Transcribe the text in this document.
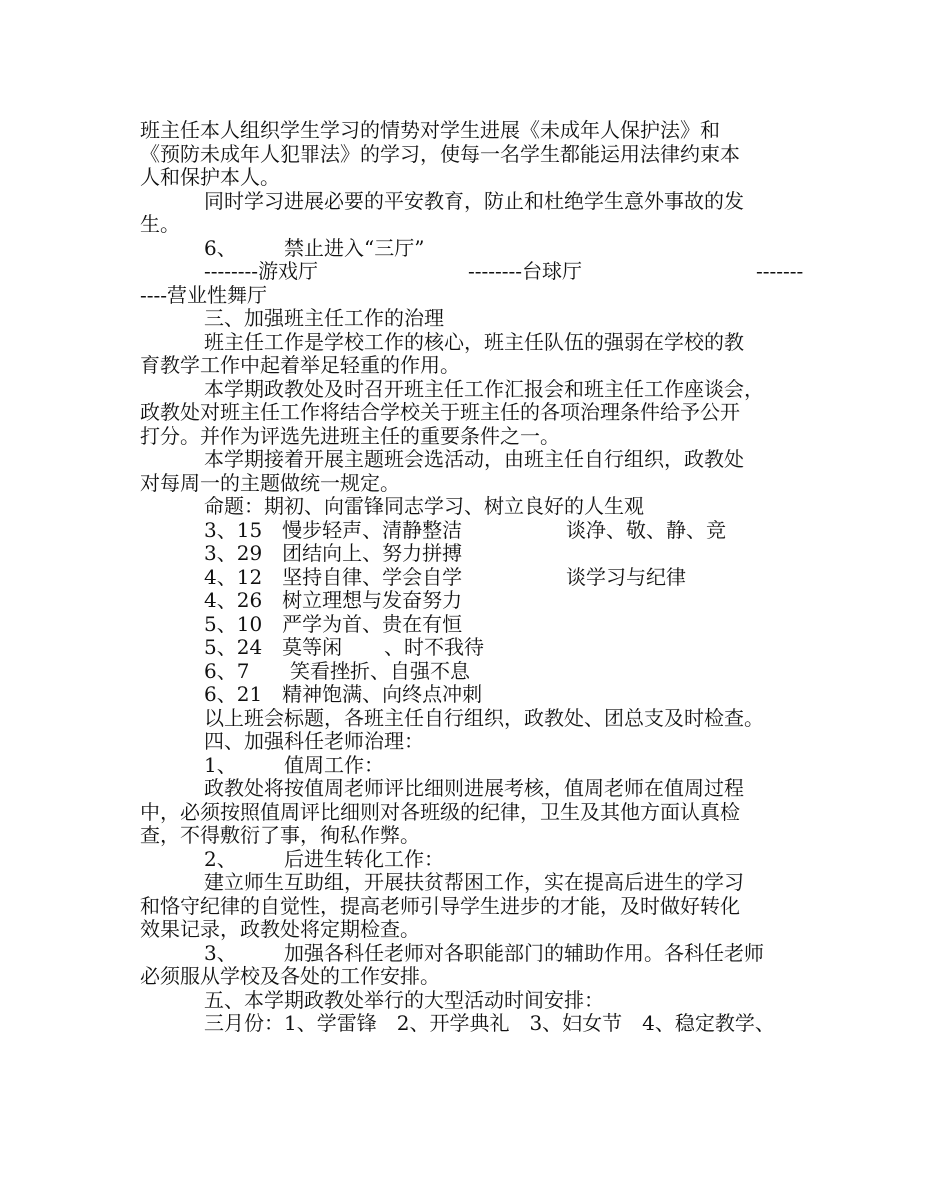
班主任本人组织学生学习的情势对学生进展《未成年人保护法》和

《预防未成年人犯罪法》的学习，使每一名学生都能运用法律约束本

人和保护本人。

同时学习进展必要的平安教育，防止和杜绝学生意外事故的发

生。

6、 禁止进入“三厅”
--------游戏厅	--------台球厅	-------

----营业性舞厅

三、加强班主任工作的治理

班主任工作是学校工作的核心，班主任队伍的强弱在学校的教

育教学工作中起着举足轻重的作用。

本学期政教处及时召开班主任工作汇报会和班主任工作座谈会，

政教处对班主任工作将结合学校关于班主任的各项治理条件给予公开

打分。并作为评选先进班主任的重要条件之一。

本学期接着开展主题班会选活动，由班主任自行组织，政教处

对每周一的主题做统一规定。

命题：期初、向雷锋同志学习、树立良好的人生观

3、15　慢步轻声、清静整洁	谈净、敬、静、竞
3、29　团结向上、努力拼搏
4、12　坚持自律、学会自学	谈学习与纪律
4、26　树立理想与发奋努力
5、10　严学为首、贵在有恒
5、24　莫等闲 、时不我待
6、7 笑看挫折、自强不息
6、21　精神饱满、向终点冲刺

以上班会标题，各班主任自行组织，政教处、团总支及时检查。

四、加强科任老师治理：

1、 值周工作：

政教处将按值周老师评比细则进展考核，值周老师在值周过程

中，必须按照值周评比细则对各班级的纪律，卫生及其他方面认真检

查，不得敷衍了事，徇私作弊。

2、 后进生转化工作：

建立师生互助组，开展扶贫帮困工作，实在提高后进生的学习

和恪守纪律的自觉性，提高老师引导学生进步的才能，及时做好转化

效果记录，政教处将定期检查。

3、 加强各科任老师对各职能部门的辅助作用。各科任老师

必须服从学校及各处的工作安排。

五、本学期政教处举行的大型活动时间安排：

三月份：1、学雷锋　2、开学典礼　3、妇女节　4、稳定教学、
